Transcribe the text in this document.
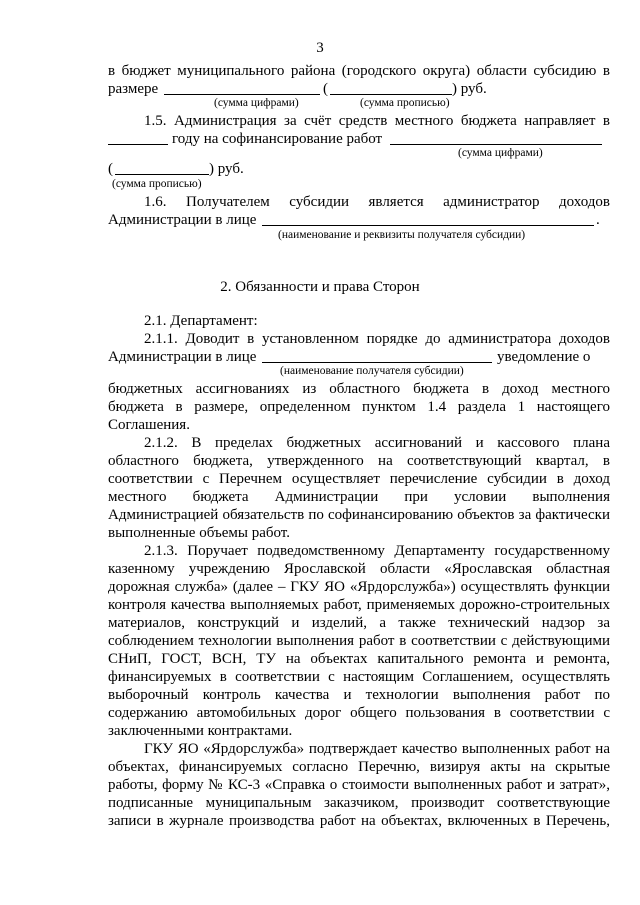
3
в бюджет муниципального района (городского округа) области субсидию в
размере	(	) руб.
(сумма цифрами)	(сумма прописью)
1.5. Администрация за счёт средств местного бюджета направляет в
году на софинансирование работ
(сумма цифрами)
(	) руб.
(сумма прописью)
1.6. Получателем субсидии является администратор доходов
Администрации в лице	.
(наименование и реквизиты получателя субсидии)
2. Обязанности и права Сторон
2.1. Департамент:
2.1.1. Доводит в установленном порядке до администратора доходов
Администрации в лице	уведомление о
(наименование получателя субсидии)
бюджетных ассигнованиях из областного бюджета в доход местного
бюджета в размере, определенном пунктом 1.4 раздела 1 настоящего
Соглашения.
2.1.2. В пределах бюджетных ассигнований и кассового плана
областного бюджета, утвержденного на соответствующий квартал, в
соответствии с Перечнем осуществляет перечисление субсидии в доход
местного бюджета Администрации при условии выполнения
Администрацией обязательств по софинансированию объектов за фактически
выполненные объемы работ.
2.1.3. Поручает подведомственному Департаменту государственному
казенному учреждению Ярославской области «Ярославская областная
дорожная служба» (далее – ГКУ ЯО «Ярдорслужба») осуществлять функции
контроля качества выполняемых работ, применяемых дорожно-строительных
материалов, конструкций и изделий, а также технический надзор за
соблюдением технологии выполнения работ в соответствии с действующими
СНиП, ГОСТ, ВСН, ТУ на объектах капитального ремонта и ремонта,
финансируемых в соответствии с настоящим Соглашением, осуществлять
выборочный контроль качества и технологии выполнения работ по
содержанию автомобильных дорог общего пользования в соответствии с
заключенными контрактами.
ГКУ ЯО «Ярдорслужба» подтверждает качество выполненных работ на
объектах, финансируемых согласно Перечню, визируя акты на скрытые
работы, форму № КС-3 «Справка о стоимости выполненных работ и затрат»,
подписанные муниципальным заказчиком, производит соответствующие
записи в журнале производства работ на объектах, включенных в Перечень,
